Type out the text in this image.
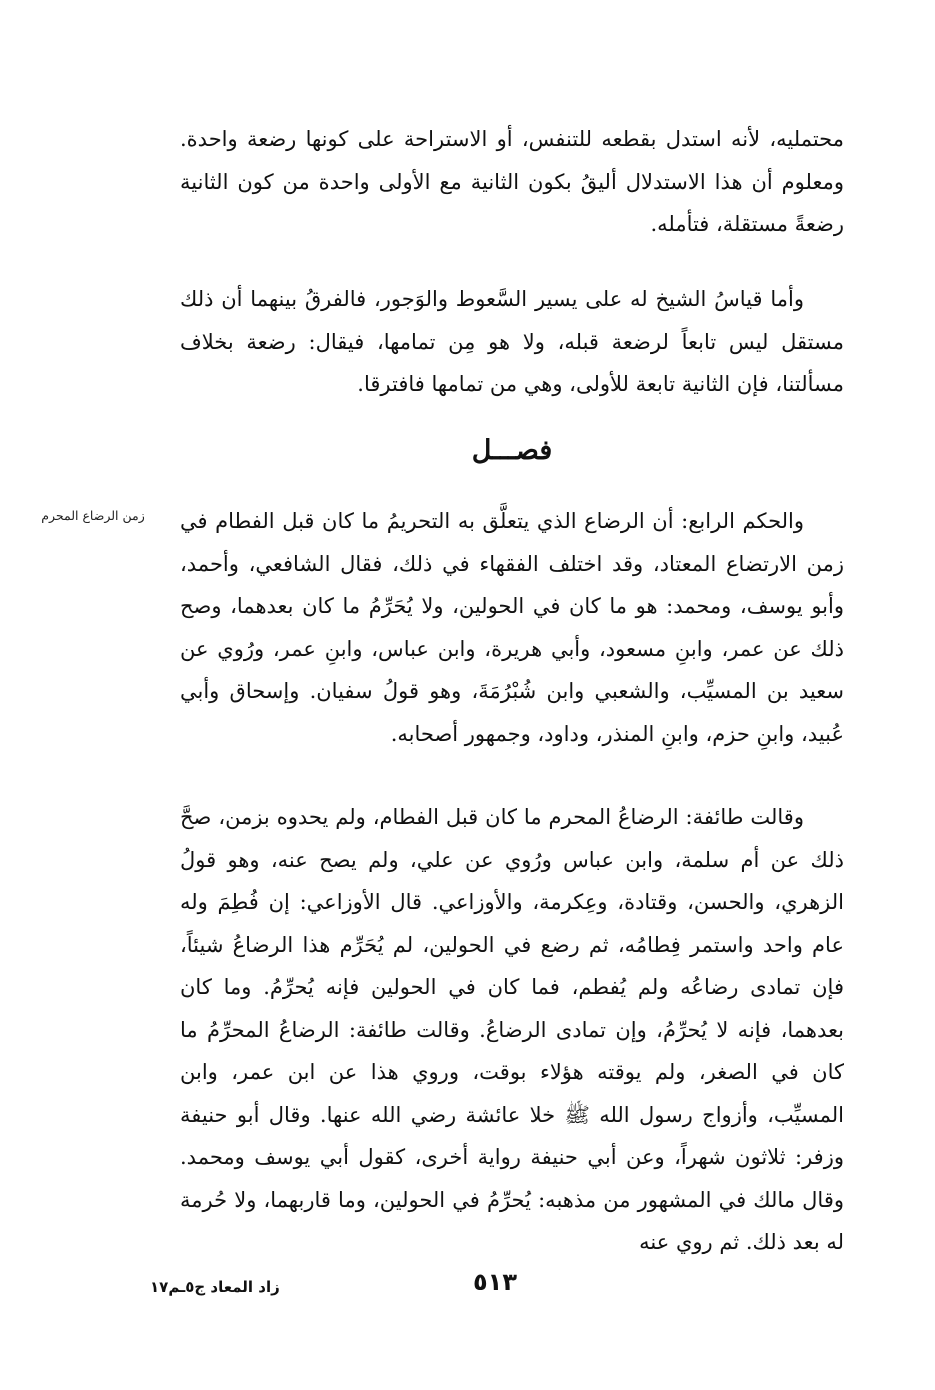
محتمليه، لأنه استدل بقطعه للتنفس، أو الاستراحة على كونها رضعة واحدة. ومعلوم أن هذا الاستدلال أليقُ بكون الثانية مع الأولى واحدة من كون الثانية رضعةً مستقلة، فتأمله.
وأما قياسُ الشيخ له على يسير السَّعوط والوَجور، فالفرقُ بينهما أن ذلك مستقل ليس تابعاً لرضعة قبله، ولا هو مِن تمامها، فيقال: رضعة بخلاف مسألتنا، فإن الثانية تابعة للأولى، وهي من تمامها فافترقا.
فصـــل
زمن الرضاع المحرم	والحكم الرابع: أن الرضاع الذي يتعلَّق به التحريمُ ما كان قبل الفطام في زمن الارتضاع المعتاد، وقد اختلف الفقهاء في ذلك، فقال الشافعي، وأحمد، وأبو يوسف، ومحمد: هو ما كان في الحولين، ولا يُحَرِّمُ ما كان بعدهما، وصح ذلك عن عمر، وابنِ مسعود، وأبي هريرة، وابن عباس، وابنِ عمر، ورُوي عن سعيد بن المسيِّب، والشعبي وابن شُبْرُمَةَ، وهو قولُ سفيان. وإسحاق وأبي عُبيد، وابنِ حزم، وابنِ المنذر، وداود، وجمهور أصحابه.
وقالت طائفة: الرضاعُ المحرم ما كان قبل الفطام، ولم يحدوه بزمن، صحَّ ذلك عن أم سلمة، وابن عباس ورُوي عن علي، ولم يصح عنه، وهو قولُ الزهري، والحسن، وقتادة، وعِكرمة، والأوزاعي. قال الأوزاعي: إن فُطِمَ وله عام واحد واستمر فِطامُه، ثم رضع في الحولين، لم يُحَرِّم هذا الرضاعُ شيئاً، فإن تمادى رضاعُه ولم يُفطم، فما كان في الحولين فإنه يُحرِّمُ. وما كان بعدهما، فإنه لا يُحرِّمُ، وإن تمادى الرضاعُ. وقالت طائفة: الرضاعُ المحرِّمُ ما كان في الصغر، ولم يوقته هؤلاء بوقت، وروي هذا عن ابن عمر، وابن المسيِّب، وأزواج رسول الله ﷺ خلا عائشة رضي الله عنها. وقال أبو حنيفة وزفر: ثلاثون شهراً، وعن أبي حنيفة رواية أخرى، كقول أبي يوسف ومحمد. وقال مالك في المشهور من مذهبه: يُحرِّمُ في الحولين، وما قاربهما، ولا حُرمة له بعد ذلك. ثم روي عنه
٥١٣
زاد المعاد ج٥ـم١٧
